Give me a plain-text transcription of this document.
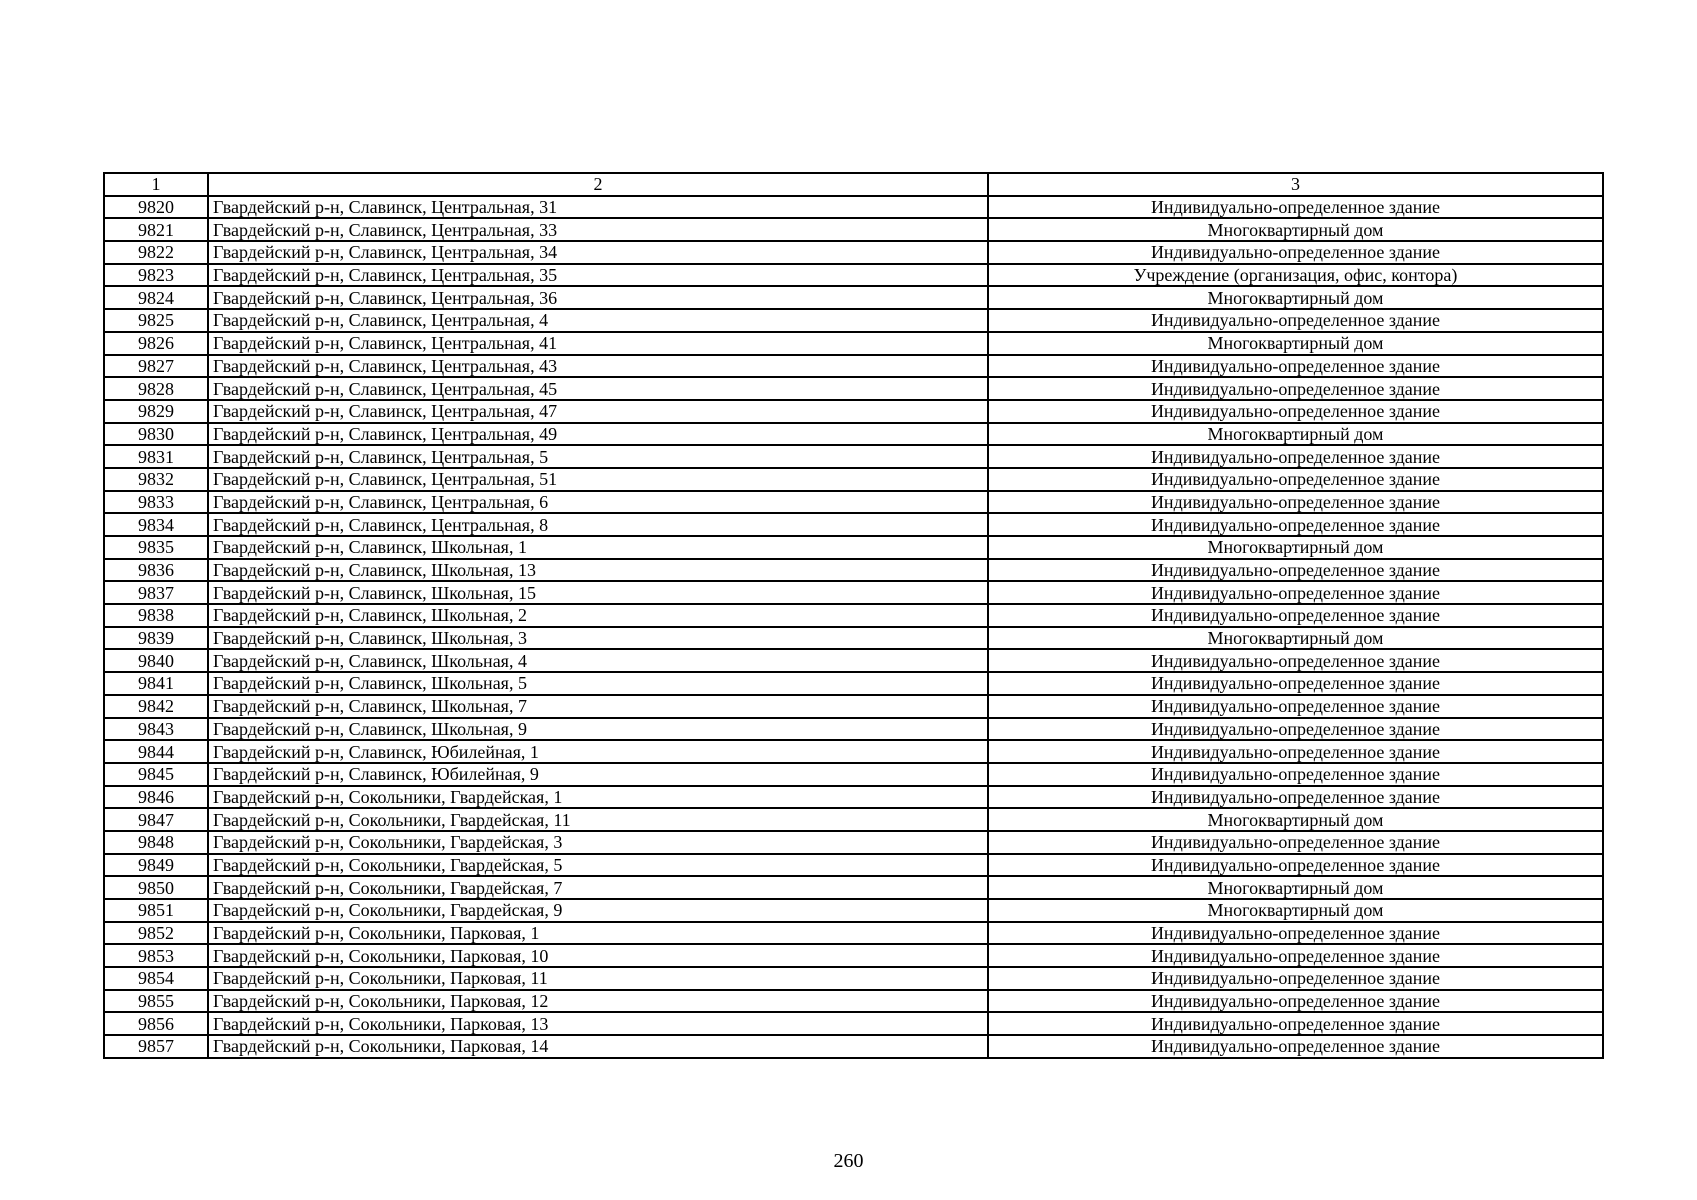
1	2	3
9820	Гвардейский р-н, Славинск, Центральная, 31	Индивидуально-определенное здание
9821	Гвардейский р-н, Славинск, Центральная, 33	Многоквартирный дом
9822	Гвардейский р-н, Славинск, Центральная, 34	Индивидуально-определенное здание
9823	Гвардейский р-н, Славинск, Центральная, 35	Учреждение (организация, офис, контора)
9824	Гвардейский р-н, Славинск, Центральная, 36	Многоквартирный дом
9825	Гвардейский р-н, Славинск, Центральная, 4	Индивидуально-определенное здание
9826	Гвардейский р-н, Славинск, Центральная, 41	Многоквартирный дом
9827	Гвардейский р-н, Славинск, Центральная, 43	Индивидуально-определенное здание
9828	Гвардейский р-н, Славинск, Центральная, 45	Индивидуально-определенное здание
9829	Гвардейский р-н, Славинск, Центральная, 47	Индивидуально-определенное здание
9830	Гвардейский р-н, Славинск, Центральная, 49	Многоквартирный дом
9831	Гвардейский р-н, Славинск, Центральная, 5	Индивидуально-определенное здание
9832	Гвардейский р-н, Славинск, Центральная, 51	Индивидуально-определенное здание
9833	Гвардейский р-н, Славинск, Центральная, 6	Индивидуально-определенное здание
9834	Гвардейский р-н, Славинск, Центральная, 8	Индивидуально-определенное здание
9835	Гвардейский р-н, Славинск, Школьная, 1	Многоквартирный дом
9836	Гвардейский р-н, Славинск, Школьная, 13	Индивидуально-определенное здание
9837	Гвардейский р-н, Славинск, Школьная, 15	Индивидуально-определенное здание
9838	Гвардейский р-н, Славинск, Школьная, 2	Индивидуально-определенное здание
9839	Гвардейский р-н, Славинск, Школьная, 3	Многоквартирный дом
9840	Гвардейский р-н, Славинск, Школьная, 4	Индивидуально-определенное здание
9841	Гвардейский р-н, Славинск, Школьная, 5	Индивидуально-определенное здание
9842	Гвардейский р-н, Славинск, Школьная, 7	Индивидуально-определенное здание
9843	Гвардейский р-н, Славинск, Школьная, 9	Индивидуально-определенное здание
9844	Гвардейский р-н, Славинск, Юбилейная, 1	Индивидуально-определенное здание
9845	Гвардейский р-н, Славинск, Юбилейная, 9	Индивидуально-определенное здание
9846	Гвардейский р-н, Сокольники, Гвардейская, 1	Индивидуально-определенное здание
9847	Гвардейский р-н, Сокольники, Гвардейская, 11	Многоквартирный дом
9848	Гвардейский р-н, Сокольники, Гвардейская, 3	Индивидуально-определенное здание
9849	Гвардейский р-н, Сокольники, Гвардейская, 5	Индивидуально-определенное здание
9850	Гвардейский р-н, Сокольники, Гвардейская, 7	Многоквартирный дом
9851	Гвардейский р-н, Сокольники, Гвардейская, 9	Многоквартирный дом
9852	Гвардейский р-н, Сокольники, Парковая, 1	Индивидуально-определенное здание
9853	Гвардейский р-н, Сокольники, Парковая, 10	Индивидуально-определенное здание
9854	Гвардейский р-н, Сокольники, Парковая, 11	Индивидуально-определенное здание
9855	Гвардейский р-н, Сокольники, Парковая, 12	Индивидуально-определенное здание
9856	Гвардейский р-н, Сокольники, Парковая, 13	Индивидуально-определенное здание
9857	Гвардейский р-н, Сокольники, Парковая, 14	Индивидуально-определенное здание
260
